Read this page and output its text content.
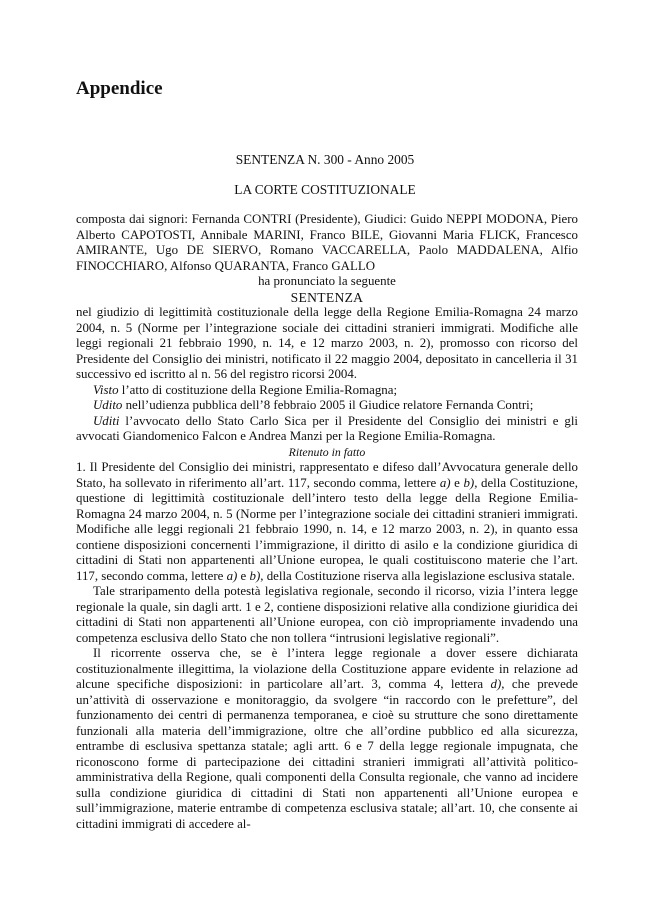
Appendice
SENTENZA N. 300 - Anno 2005
LA CORTE COSTITUZIONALE

composta dai signori: Fernanda CONTRI (Presidente), Giudici: Guido NEPPI MODONA, Piero Alberto CAPOTOSTI, Annibale MARINI, Franco BILE, Giovanni Maria FLICK, Francesco AMIRANTE, Ugo DE SIERVO, Romano VACCARELLA, Paolo MADDALENA, Alfio FINOCCHIARO, Alfonso QUARANTA, Franco GALLO

ha pronunciato la seguente

SENTENZA

nel giudizio di legittimità costituzionale della legge della Regione Emilia-Romagna 24 marzo 2004, n. 5 (Norme per l’integrazione sociale dei cittadini stranieri immigrati. Modifiche alle leggi regionali 21 febbraio 1990, n. 14, e 12 marzo 2003, n. 2), promosso con ricorso del Presidente del Consiglio dei ministri, notificato il 22 maggio 2004, depositato in cancelleria il 31 successivo ed iscritto al n. 56 del registro ricorsi 2004.

Visto l’atto di costituzione della Regione Emilia-Romagna;

Udito nell’udienza pubblica dell’8 febbraio 2005 il Giudice relatore Fernanda Contri;

Uditi l’avvocato dello Stato Carlo Sica per il Presidente del Consiglio dei ministri e gli avvocati Giandomenico Falcon e Andrea Manzi per la Regione Emilia-Romagna.

Ritenuto in fatto

1. Il Presidente del Consiglio dei ministri, rappresentato e difeso dall’Avvocatura generale dello Stato, ha sollevato in riferimento all’art. 117, secondo comma, lettere a) e b), della Costituzione, questione di legittimità costituzionale dell’intero testo della legge della Regione Emilia-Romagna 24 marzo 2004, n. 5 (Norme per l’integrazione sociale dei cittadini stranieri immigrati. Modifiche alle leggi regionali 21 febbraio 1990, n. 14, e 12 marzo 2003, n. 2), in quanto essa contiene disposizioni concernenti l’immigrazione, il diritto di asilo e la condizione giuridica di cittadini di Stati non appartenenti all’Unione europea, le quali costituiscono materie che l’art. 117, secondo comma, lettere a) e b), della Costituzione riserva alla legislazione esclusiva statale.

Tale straripamento della potestà legislativa regionale, secondo il ricorso, vizia l’intera legge regionale la quale, sin dagli artt. 1 e 2, contiene disposizioni relative alla condizione giuridica dei cittadini di Stati non appartenenti all’Unione europea, con ciò impropriamente invadendo una competenza esclusiva dello Stato che non tollera “intrusioni legislative regionali”.

Il ricorrente osserva che, se è l’intera legge regionale a dover essere dichiarata costituzionalmente illegittima, la violazione della Costituzione appare evidente in relazione ad alcune specifiche disposizioni: in particolare all’art. 3, comma 4, lettera d), che prevede un’attività di osservazione e monitoraggio, da svolgere “in raccordo con le prefetture”, del funzionamento dei centri di permanenza temporanea, e cioè su strutture che sono direttamente funzionali alla materia dell’immigrazione, oltre che all’ordine pubblico ed alla sicurezza, entrambe di esclusiva spettanza statale; agli artt. 6 e 7 della legge regionale impugnata, che riconoscono forme di partecipazione dei cittadini stranieri immigrati all’attività politico-amministrativa della Regione, quali componenti della Consulta regionale, che vanno ad incidere sulla condizione giuridica di cittadini di Stati non appartenenti all’Unione europea e sull’immigrazione, materie entrambe di competenza esclusiva statale; all’art. 10, che consente ai cittadini immigrati di accedere al-
